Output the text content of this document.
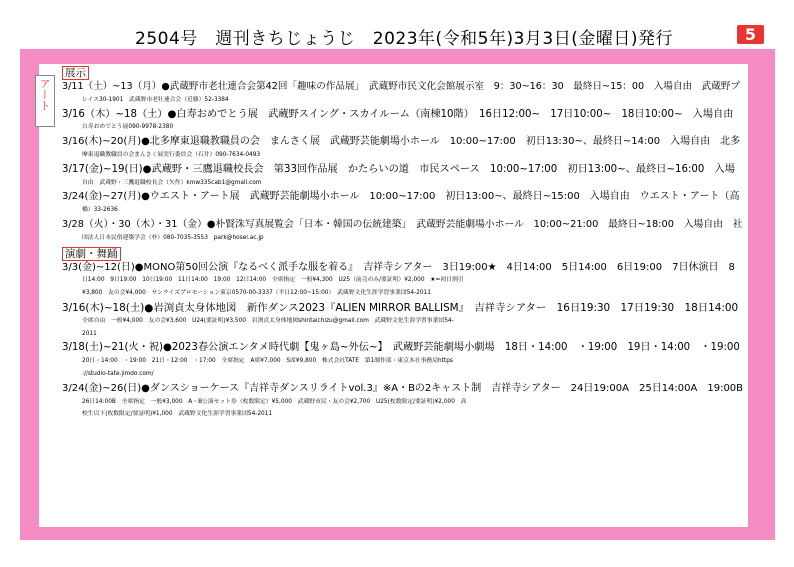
2504号　週刊きちじょうじ　2023年(令和5年)3月3日(金曜日)発行	5
アート
展示

3/11（土）~13（月）●武蔵野市老壮連合会第42回「趣味の作品展」　武蔵野市民文化会館展示室　9：30~16：30　最終日~15：00　入場自由　武蔵野プ

レイス30-1901　武蔵野市老壮連合会（近藤）52-3384

3/16（木）~18（土）●白寿おめでとう展　武蔵野スイング・スカイルーム（南棟10階）　16日12:00~　17日10:00~　18日10:00~　入場自由

白寿おめでとう展090-9978-2380

3/16(木)~20(月)●北多摩東退職教職員の会　まんさく展　武蔵野芸能劇場小ホール　10:00~17:00　初日13:30~、最終日~14:00　入場自由　北多

摩東退職教職員の会まんさく展実行委員会（石井）090-7634-0493

3/17(金)~19(日)●武蔵野・三鷹退職校長会　第33回作品展　かたらいの道　市民スペース　10:00~17:00　初日13:00~、最終日~16:00　入場

自由　武蔵野・三鷹退職校長会（矢作）kmw335cab1@gmail.com

3/24(金)~27(月)●ウエスト・アート展　武蔵野芸能劇場小ホール　10:00~17:00　初日13:00~、最終日~15:00　入場自由　ウエスト・アート（高

橋）33-2636

3/28（火）・30（木）・31（金）●朴賢洙写真展覧会「日本・韓国の伝統建築」　武蔵野芸能劇場小ホール　10:00~21:00　最終日~18:00　入場自由　社

団法人日本民俗建築学会（朴）080-7035-3553　park@hosei.ac.jp

演劇・舞踊

3/3(金)~12(日)●MONO第50回公演『なるべく派手な服を着る』　吉祥寺シアター　3日19:00★　4日14:00　5日14:00　6日19:00　7日休演日　8

日14:00　9日19:00　10日19:00　11日14:00　19:00　12日14:00　全席指定　一般¥4,300　U25（前売のみ/要証明）¥2,000　★=初日割引

¥3,800　友の会¥4,000　サンライズプロモーション東京0570-00-3337（平日12:00~15:00）　武蔵野文化生涯学習事業団54-2011

3/16(木)~18(土)●岩渕貞太身体地図　新作ダンス2023『ALIEN MIRROR BALLISM』　吉祥寺シアター　16日19:30　17日19:30　18日14:00

全席自由　一般¥4,000　友の会¥3,600　U24(要証明)¥3,500　岩渕貞太身体地図shintaichizu@gmail.com　武蔵野文化生涯学習事業団54-

2011

3/18(土)~21(火・祝)●2023春公演エンタメ時代劇【鬼ヶ島~外伝~】　武蔵野芸能劇場小劇場　18日・14:00　・19:00　19日・14:00　・19:00

20日・14:00　・19:00　21日・12:00　・17:00　全席指定　A席¥7,000　S席¥9,800　株式会社TATE　第1制作部・東京本社事務局https

://studio-tate.jimdo.com/

3/24(金)~26(日)●ダンスショーケース『吉祥寺ダンスリライトvol.3』※A・Bの2キャスト制　吉祥寺シアター　24日19:00A　25日14:00A　19:00B

26日14:00B　全席指定　一般¥3,000　A・B公演セット券（枚数限定）¥5,000　武蔵野市民・友の会¥2,700　U25(枚数限定/要証明)¥2,000　高

校生以下(枚数限定/要証明)¥1,000　武蔵野文化生涯学習事業団54-2011
